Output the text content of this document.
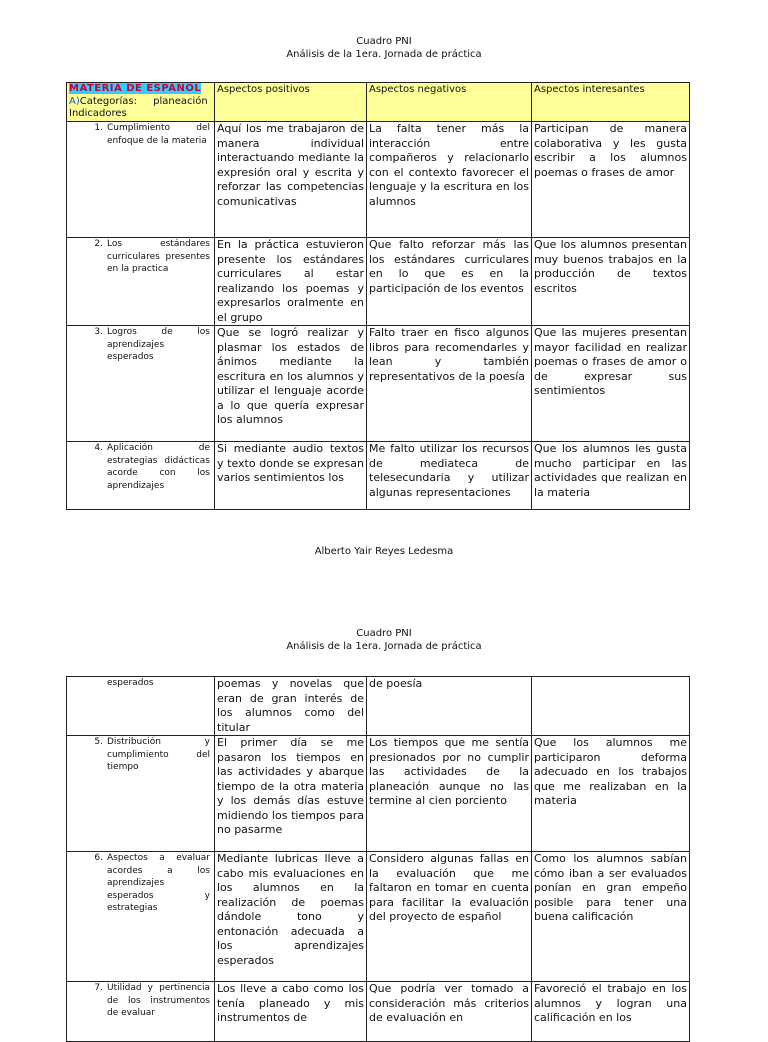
Cuadro PNI
Análisis de la 1era. Jornada de práctica
MATERIA DE ESPAÑOL
A)Categorías: planeación
Indicadores	Aspectos positivos	Aspectos negativos	Aspectos interesantes
1. Cumplimiento del enfoque de la materia	Aquí los me trabajaron de manera individual interactuando mediante la expresión oral y escrita y reforzar las competencias comunicativas	La falta tener más la interacción entre compañeros y relacionarlo con el contexto favorecer el lenguaje y la escritura en los alumnos	Participan de manera colaborativa y les gusta escribir a los alumnos poemas o frases de amor
2. Los estándares curriculares presentes en la practica	En la práctica estuvieron presente los estándares curriculares al estar realizando los poemas y expresarlos oralmente en el grupo	Que falto reforzar más las los estándares curriculares en lo que es en la participación de los eventos	Que los alumnos presentan muy buenos trabajos en la producción de textos escritos
3. Logros de los aprendizajes esperados	Que se logró realizar y plasmar los estados de ánimos mediante la escritura en los alumnos y utilizar el lenguaje acorde a lo que quería expresar los alumnos	Falto traer en fisco algunos libros para recomendarles y lean y también representativos de la poesía	Que las mujeres presentan mayor facilidad en realizar poemas o frases de amor o de expresar sus sentimientos
4. Aplicación de estrategias didácticas acorde con los aprendizajes	Si mediante audio textos y texto donde se expresan varios sentimientos los	Me falto utilizar los recursos de mediateca de telesecundaria y utilizar algunas representaciones	Que los alumnos les gusta mucho participar en las actividades que realizan en la materia
Alberto Yair Reyes Ledesma
Cuadro PNI
Análisis de la 1era. Jornada de práctica
esperados	poemas y novelas que eran de gran interés de los alumnos como del titular	de poesía	
5. Distribución y cumplimiento del tiempo	El primer día se me pasaron los tiempos en las actividades y abarque tiempo de la otra materia y los demás días estuve midiendo los tiempos para no pasarme	Los tiempos que me sentía presionados por no cumplir las actividades de la planeación aunque no las termine al cien porciento	Que los alumnos me participaron deforma adecuado en los trabajos que me realizaban en la materia
6. Aspectos a evaluar acordes a los aprendizajes esperados y estrategias	Mediante lubricas lleve a cabo mis evaluaciones en los alumnos en la realización de poemas dándole tono y entonación adecuada a los aprendizajes esperados	Considero algunas fallas en la evaluación que me faltaron en tomar en cuenta para facilitar la evaluación del proyecto de español	Como los alumnos sabían cómo iban a ser evaluados ponían en gran empeño posible para tener una buena calificación
7. Utilidad y pertinencia de los instrumentos de evaluar	Los lleve a cabo como los tenía planeado y mis instrumentos de	Que podría ver tomado a consideración más criterios de evaluación en	Favoreció el trabajo en los alumnos y logran una calificación en los
